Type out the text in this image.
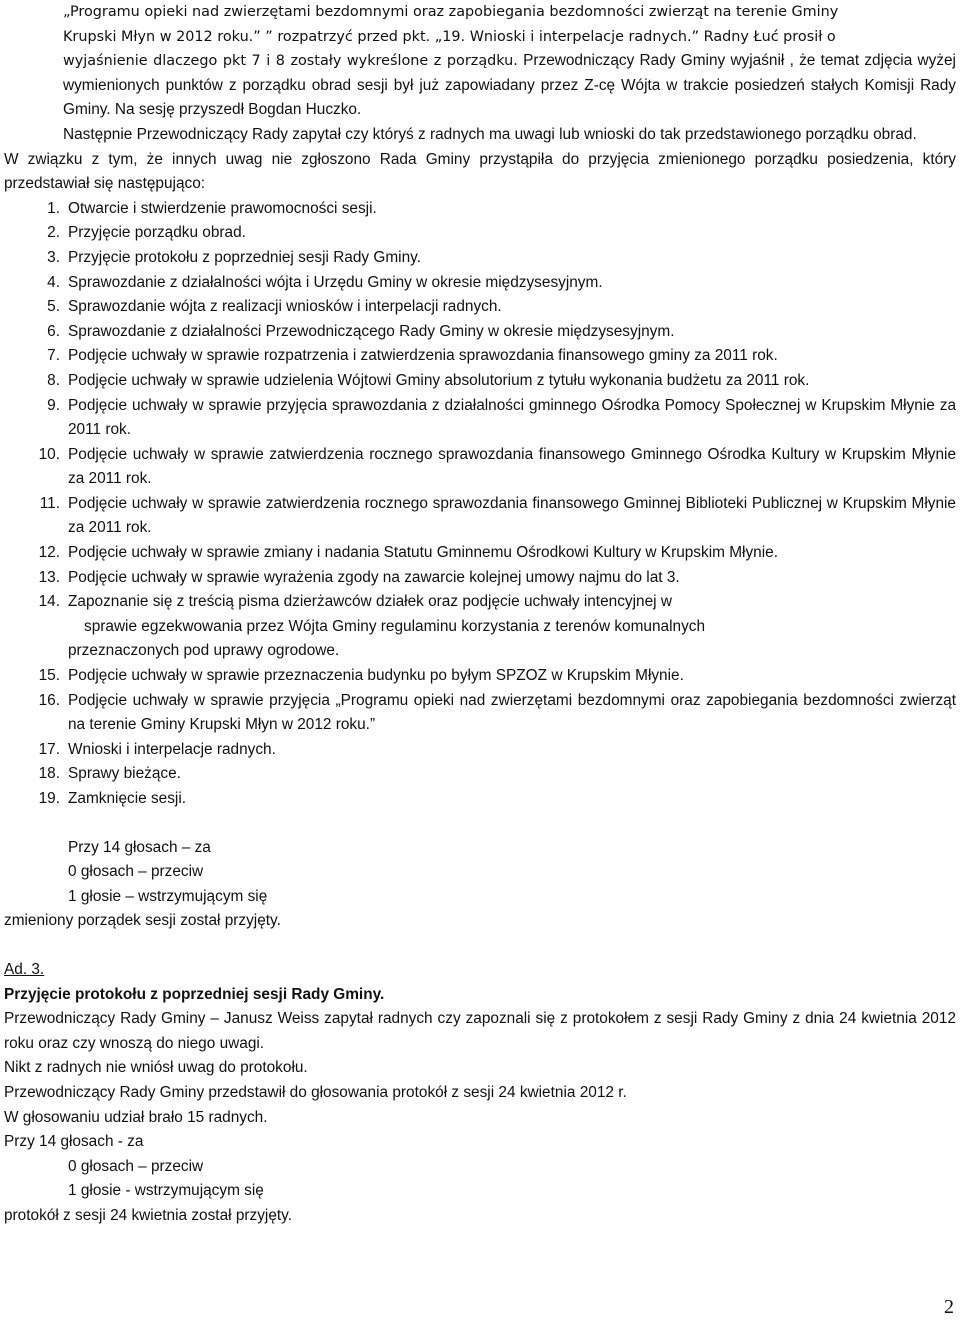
„Programu opieki nad zwierzętami bezdomnymi oraz zapobiegania bezdomności zwierząt na terenie Gminy
Krupski Młyn w 2012 roku.” ” rozpatrzyć przed pkt. „19. Wnioski i interpelacje radnych.” Radny Łuć prosił o
wyjaśnienie dlaczego pkt 7 i 8 zostały wykreślone z porządku. Przewodniczący Rady Gminy wyjaśnił , że temat zdjęcia wyżej wymienionych punktów z porządku obrad sesji był już zapowiadany przez Z-cę Wójta w trakcie posiedzeń stałych Komisji Rady Gminy. Na sesję przyszedł Bogdan Huczko.
Następnie Przewodniczący Rady zapytał czy któryś z radnych ma uwagi lub wnioski do tak przedstawionego porządku obrad.
W związku z tym, że innych uwag nie zgłoszono Rada Gminy przystąpiła do przyjęcia zmienionego porządku posiedzenia, który przedstawiał się następująco:
1. Otwarcie i stwierdzenie prawomocności sesji.
2. Przyjęcie porządku obrad.
3. Przyjęcie protokołu z poprzedniej sesji Rady Gminy.
4. Sprawozdanie z działalności wójta i Urzędu Gminy w okresie międzysesyjnym.
5. Sprawozdanie wójta z realizacji wniosków i interpelacji radnych.
6. Sprawozdanie z działalności Przewodniczącego Rady Gminy w okresie międzysesyjnym.
7. Podjęcie uchwały w sprawie rozpatrzenia i zatwierdzenia sprawozdania finansowego gminy za 2011 rok.
8. Podjęcie uchwały w sprawie udzielenia Wójtowi Gminy absolutorium z tytułu wykonania budżetu za 2011 rok.
9. Podjęcie uchwały w sprawie przyjęcia sprawozdania z działalności gminnego Ośrodka Pomocy Społecznej w Krupskim Młynie za 2011 rok.
10. Podjęcie uchwały w sprawie zatwierdzenia rocznego sprawozdania finansowego Gminnego Ośrodka Kultury w Krupskim Młynie za 2011 rok.
11. Podjęcie uchwały w sprawie zatwierdzenia rocznego sprawozdania finansowego Gminnej Biblioteki Publicznej w Krupskim Młynie za 2011 rok.
12. Podjęcie uchwały w sprawie zmiany i nadania Statutu Gminnemu Ośrodkowi Kultury w Krupskim Młynie.
13. Podjęcie uchwały w sprawie wyrażenia zgody na zawarcie kolejnej umowy najmu do lat 3.
14. Zapoznanie się z treścią pisma dzierżawców działek oraz podjęcie uchwały intencyjnej w
sprawie egzekwowania przez Wójta Gminy regulaminu korzystania z terenów komunalnych
przeznaczonych pod uprawy ogrodowe.
15. Podjęcie uchwały w sprawie przeznaczenia budynku po byłym SPZOZ w Krupskim Młynie.
16. Podjęcie uchwały w sprawie przyjęcia „Programu opieki nad zwierzętami bezdomnymi oraz zapobiegania bezdomności zwierząt na terenie Gminy Krupski Młyn w 2012 roku.”
17. Wnioski i interpelacje radnych.
18. Sprawy bieżące.
19. Zamknięcie sesji.
Przy 14 głosach – za
0 głosach – przeciw
1 głosie – wstrzymującym się
zmieniony porządek sesji został przyjęty.
Ad. 3.
Przyjęcie protokołu z poprzedniej sesji Rady Gminy.
Przewodniczący Rady Gminy – Janusz Weiss zapytał radnych czy zapoznali się z protokołem z sesji Rady Gminy z dnia 24 kwietnia 2012 roku oraz czy wnoszą do niego uwagi.
Nikt z radnych nie wniósł uwag do protokołu.
Przewodniczący Rady Gminy przedstawił do głosowania protokół z sesji 24 kwietnia 2012 r.
W głosowaniu udział brało 15 radnych.
Przy 14 głosach - za
0 głosach – przeciw
1 głosie - wstrzymującym się
protokół z sesji 24 kwietnia został przyjęty.
2
